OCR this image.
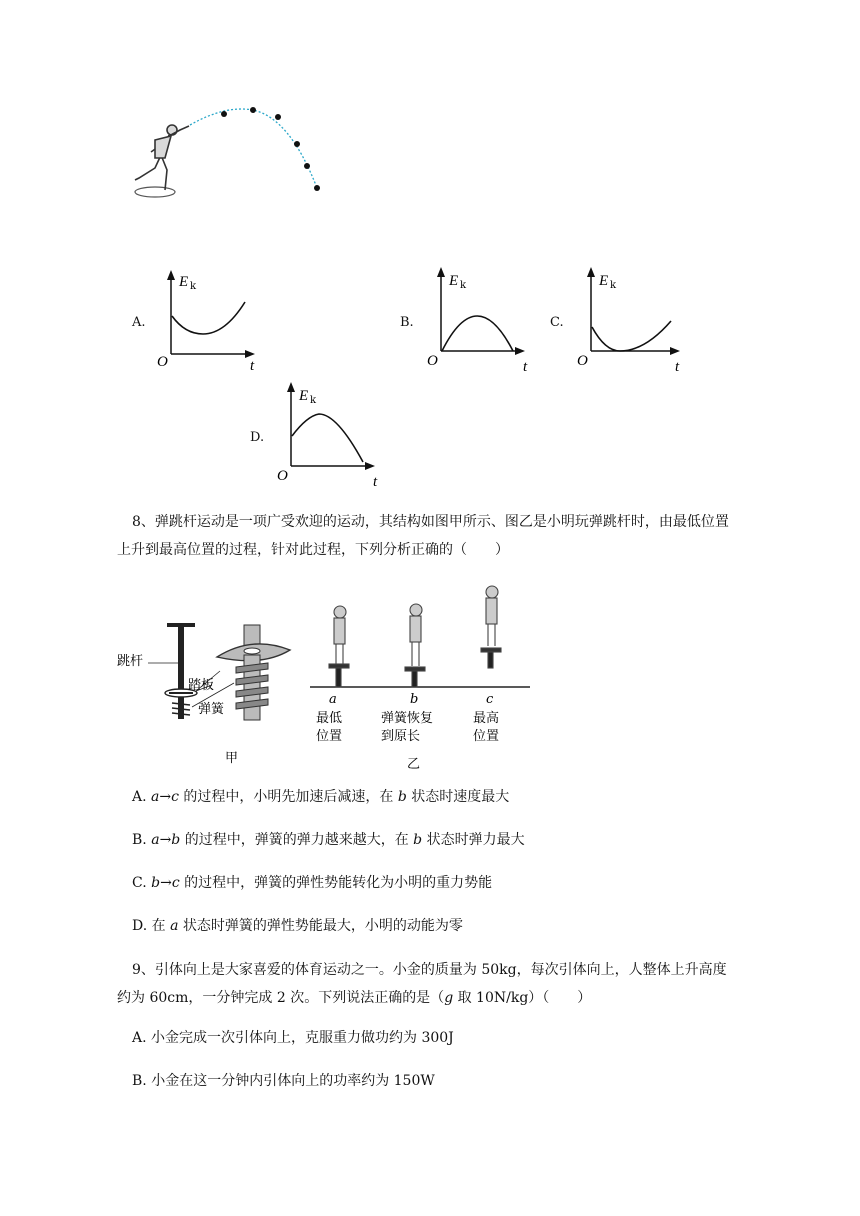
A.
E k
O	t
B.
E k
O	t
C.
E k
O	t
D.
E k
O	t
8、弹跳杆运动是一项广受欢迎的运动，其结构如图甲所示、图乙是小明玩弹跳杆时，由最低位置
上升到最高位置的过程，针对此过程，下列分析正确的（　　）
跳杆
踏板
弹簧
甲
a	b	c
最低
位置
弹簧恢复
到原长
最高
位置
乙
A. a→c 的过程中，小明先加速后减速，在 b 状态时速度最大
B. a→b 的过程中，弹簧的弹力越来越大，在 b 状态时弹力最大
C. b→c 的过程中，弹簧的弹性势能转化为小明的重力势能
D. 在 a 状态时弹簧的弹性势能最大，小明的动能为零
9、引体向上是大家喜爱的体育运动之一。小金的质量为 50kg，每次引体向上，人整体上升高度
约为 60cm，一分钟完成 2 次。下列说法正确的是（g 取 10N/kg）（　　）
A. 小金完成一次引体向上，克服重力做功约为 300J
B. 小金在这一分钟内引体向上的功率约为 150W
